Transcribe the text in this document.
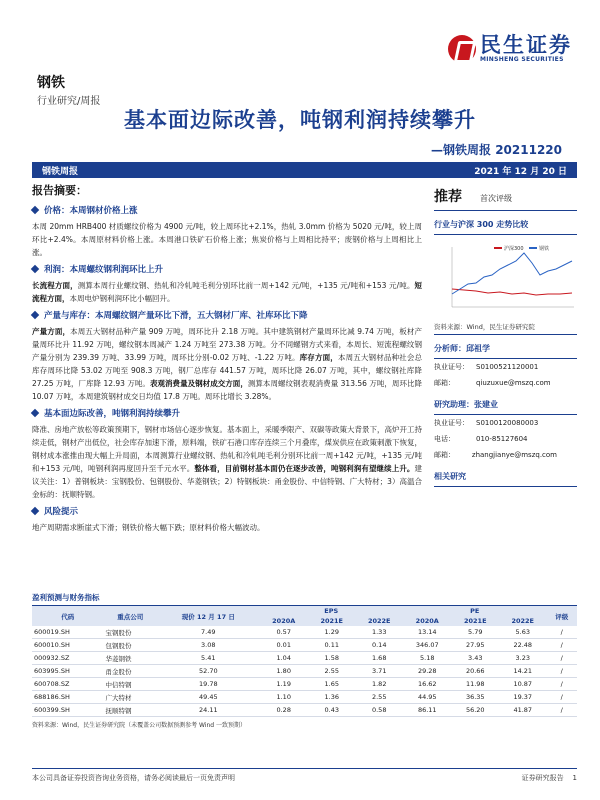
民生证券
MINSHENG SECURITIES
钢铁
行业研究/周报
基本面边际改善，吨钢利润持续攀升
—钢铁周报 20211220
钢铁周报	2021 年 12 月 20 日
报告摘要：
价格：本周钢材价格上涨

本周 20mm HRB400 材质螺纹价格为 4900 元/吨，较上周环比+2.1%，热轧 3.0mm 价格为 5020 元/吨，较上周环比+2.4%。本周原材料价格上涨。本周港口铁矿石价格上涨；焦炭价格与上周相比持平；废钢价格与上周相比上涨。

利润：本周螺纹钢利润环比上升

长流程方面，测算本周行业螺纹钢、热轧和冷轧吨毛利分别环比前一周+142 元/吨，+135 元/吨和+153 元/吨。短流程方面，本周电炉钢利润环比小幅回升。

产量与库存：本周螺纹钢产量环比下滑，五大钢材厂库、社库环比下降

产量方面，本周五大钢材品种产量 909 万吨，周环比升 2.18 万吨。其中建筑钢材产量周环比减 9.74 万吨，板材产量周环比升 11.92 万吨，螺纹钢本周减产 1.24 万吨至 273.38 万吨。分不同螺钢方式来看，本周长、短流程螺纹钢产量分别为 239.39 万吨、33.99 万吨，周环比分别-0.02 万吨、-1.22 万吨。库存方面，本周五大钢材品种社会总库存周环比降 53.02 万吨至 908.3 万吨，钢厂总库存 441.57 万吨，周环比降 26.07 万吨，其中，螺纹钢社库降 27.25 万吨，厂库降 12.93 万吨。表观消费量及钢材成交方面，测算本周螺纹钢表观消费量 313.56 万吨，周环比降 10.07 万吨，本周建筑钢材成交日均值 17.8 万吨。周环比增长 3.28%。

基本面边际改善，吨钢利润持续攀升

降准、房地产放松等政策预期下，钢材市场信心逐步恢复。基本面上，采暖季限产、双碳等政策大背景下，高炉开工持续走低，钢材产出低位，社会库存加速下滑，原料端，铁矿石港口库存连续三个月叠库，煤炭供应在政策刺激下恢复，钢材成本涨推由现大幅上升局面，本周测算行业螺纹钢、热轧和冷轧吨毛利分别环比前一周+142 元/吨，+135 元/吨和+153 元/吨，吨钢利润再度回升至千元水平。整体看，目前钢材基本面仍在逐步改善，吨钢利润有望继续上升。建议关注：1）普钢板块：宝钢股份、包钢股份、华菱钢铁；2）特钢板块：甬金股份、中信特钢、广大特材；3）高温合金标的：抚顺特钢。

风险提示

地产周期需求断崖式下滑；钢铁价格大幅下跌；原材料价格大幅波动。

推荐 首次评级
行业与沪深 300 走势比较
沪深300	钢铁
资料来源：Wind，民生证券研究院
分析师：邱祖学
执业证号：	S0100521120001
邮箱：	qiuzuxue@mszq.com
研究助理：张建业
执业证号：	S0100120080003
电话：	010-85127604
邮箱：	zhangjianye@mszq.com
相关研究
盈利预测与财务指标
代码	重点公司	现价 12 月 17 日	EPS			PE			评级
			2020A	2021E	2022E	2020A	2021E	2022E	
600019.SH	宝钢股份	7.49	0.57	1.29	1.33	13.14	5.79	5.63	/
600010.SH	包钢股份	3.08	0.01	0.11	0.14	346.07	27.95	22.48	/
000932.SZ	华菱钢铁	5.41	1.04	1.58	1.68	5.18	3.43	3.23	/
603995.SH	甬金股份	52.70	1.80	2.55	3.71	29.28	20.66	14.21	/
600708.SZ	中信特钢	19.78	1.19	1.65	1.82	16.62	11.98	10.87	/
688186.SH	广大特材	49.45	1.10	1.36	2.55	44.95	36.35	19.37	/
600399.SH	抚顺特钢	24.11	0.28	0.43	0.58	86.11	56.20	41.87	/
资料来源：Wind，民生证券研究院（未覆盖公司数据预测参考 Wind 一致预期）
本公司具备证券投资咨询业务资格，请务必阅读最后一页免责声明	证券研究报告 1
